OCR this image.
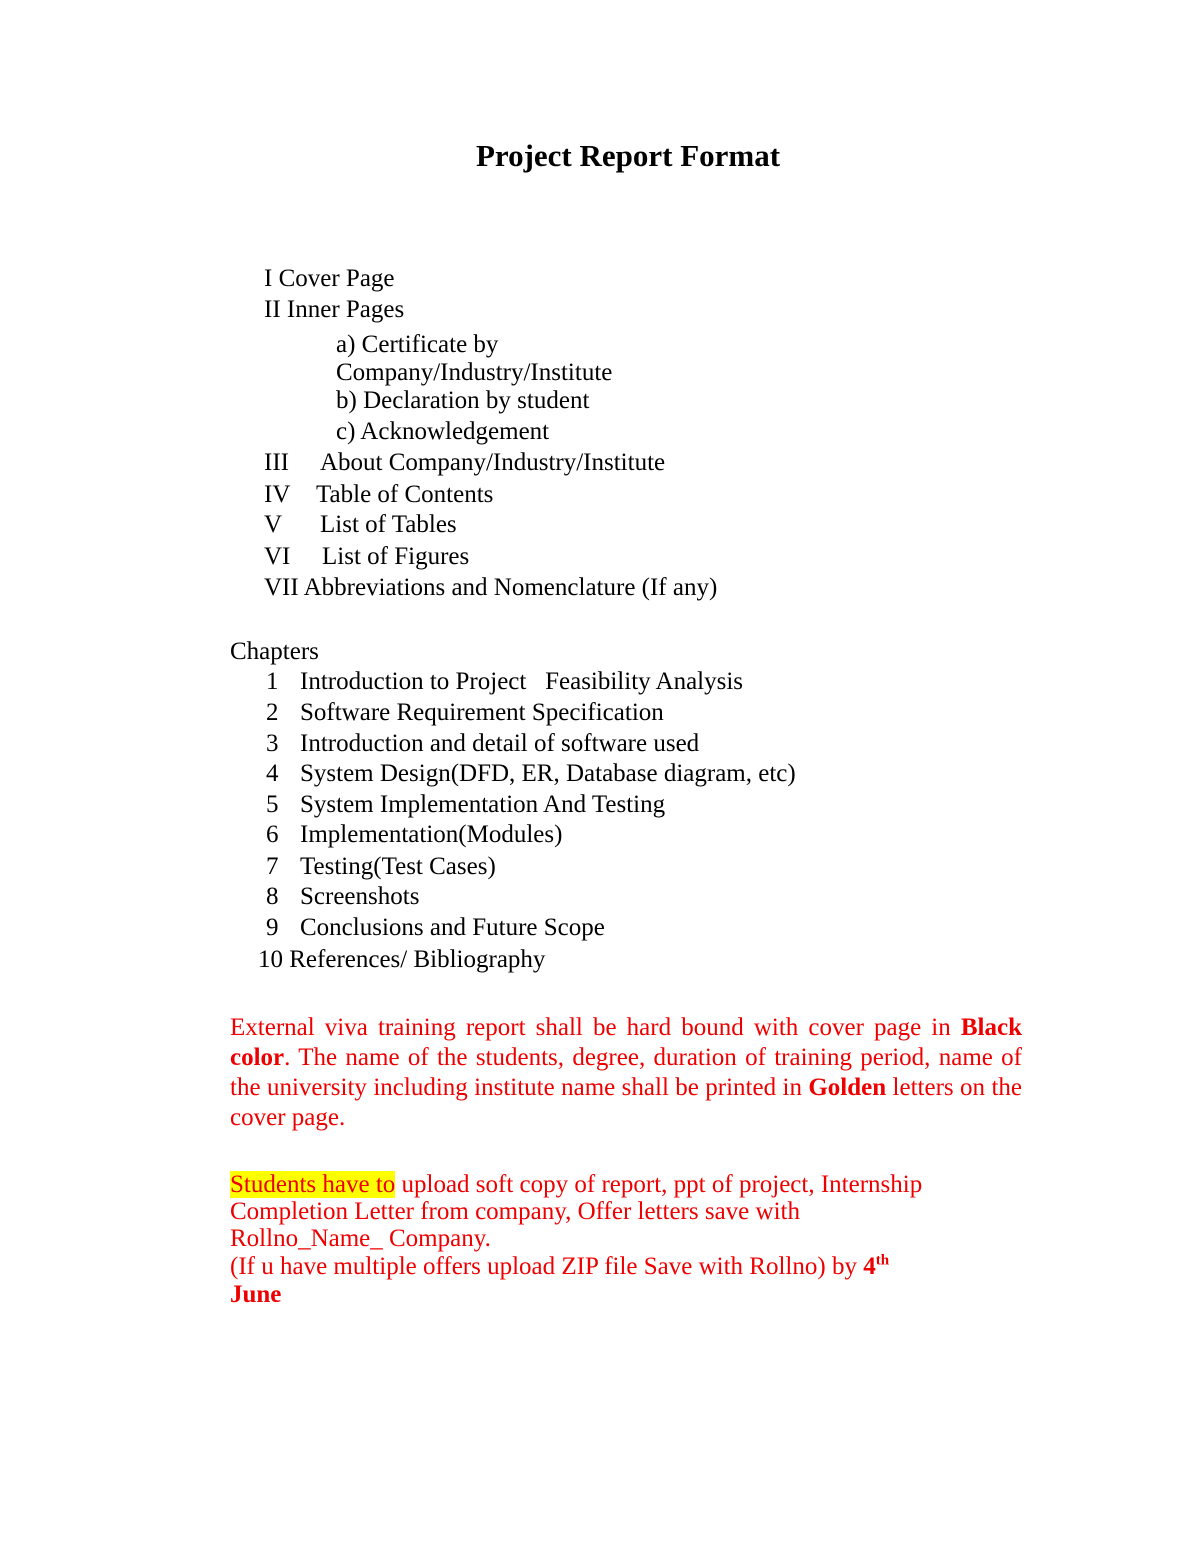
Project Report Format
I Cover Page
II Inner Pages
a) Certificate by
Company/Industry/Institute
b) Declaration by student
c) Acknowledgement
III About Company/Industry/Institute
IV Table of Contents
V List of Tables
VI List of Figures
VII Abbreviations and Nomenclature (If any)
Chapters
1 Introduction to Project   Feasibility Analysis
2 Software Requirement Specification
3 Introduction and detail of software used
4 System Design(DFD, ER, Database diagram, etc)
5 System Implementation And Testing
6 Implementation(Modules)
7 Testing(Test Cases)
8 Screenshots
9 Conclusions and Future Scope
10 References/ Bibliography
External viva training report shall be hard bound with cover page in Black color. The name of the students, degree, duration of training period, name of the university including institute name shall be printed in Golden letters on the cover page.
Students have to upload soft copy of report, ppt of project, Internship
Completion Letter from company, Offer letters save with
Rollno_Name_ Company.
(If u have multiple offers upload ZIP file Save with Rollno) by 4th
June
